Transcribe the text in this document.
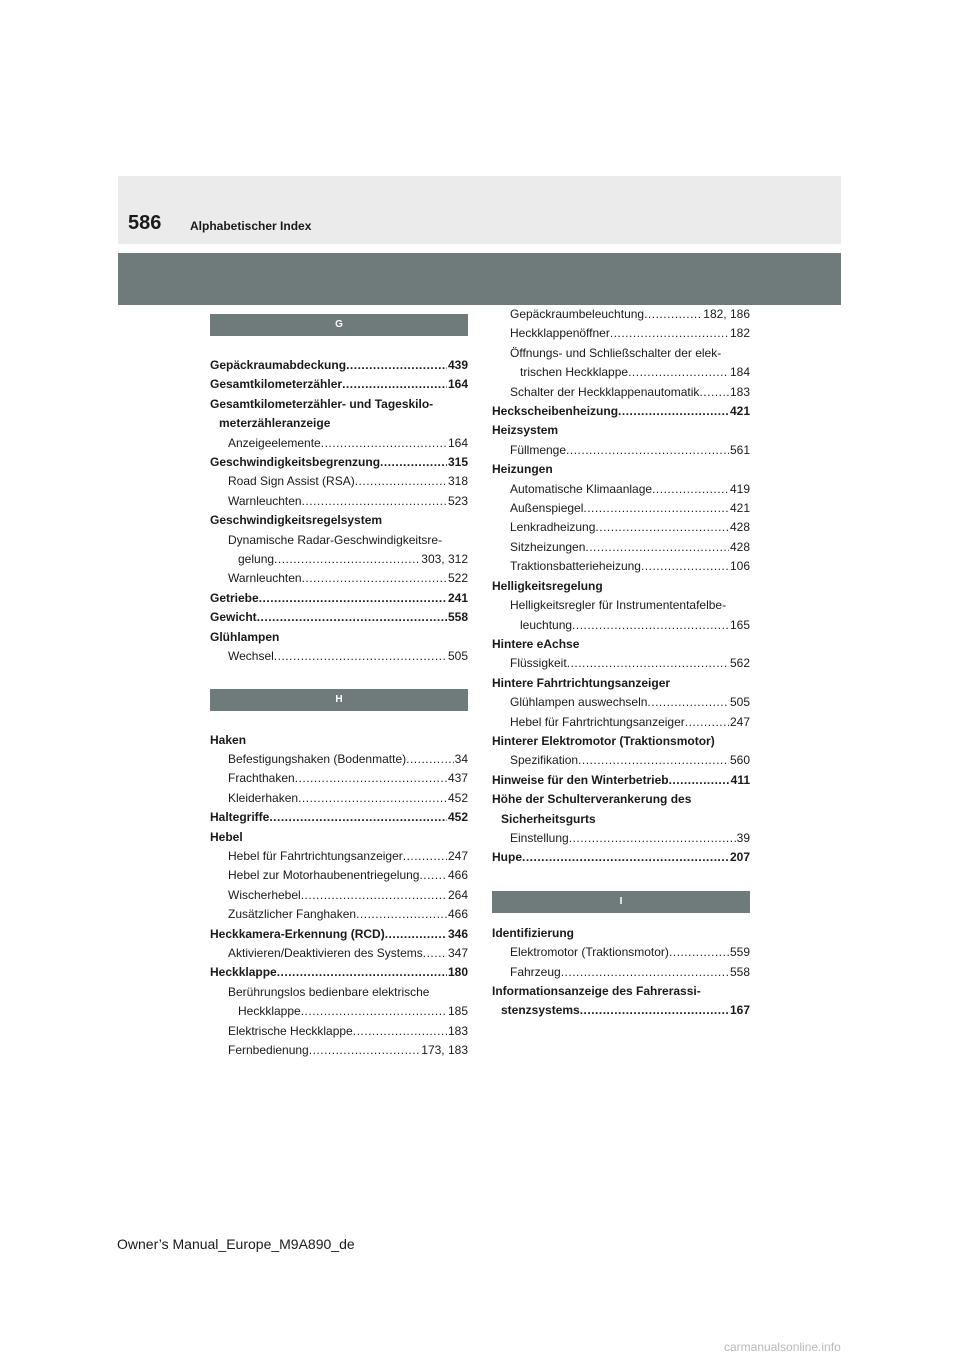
586 Alphabetischer Index
G
Gepäckraumabdeckung .....	439
Gesamtkilometerzähler .....	164
Gesamtkilometerzähler- und Tageskilo-
meterzähleranzeige
Anzeigeelemente .....	164
Geschwindigkeitsbegrenzung .....	315
Road Sign Assist (RSA) .....	318
Warnleuchten .....	523
Geschwindigkeitsregelsystem
Dynamische Radar-Geschwindigkeitsre-
gelung .....	303, 312
Warnleuchten .....	522
Getriebe .....	241
Gewicht .....	558
Glühlampen
Wechsel .....	505
H
Haken
Befestigungshaken (Bodenmatte) .....	34
Frachthaken .....	437
Kleiderhaken .....	452
Haltegriffe .....	452
Hebel
Hebel für Fahrtrichtungsanzeiger .....	247
Hebel zur Motorhaubenentriegelung ..... 466
Wischerhebel .....	264
Zusätzlicher Fanghaken .....	466
Heckkamera-Erkennung (RCD) .....	346
Aktivieren/Deaktivieren des Systems ..... 347
Heckklappe .....	180
Berührungslos bedienbare elektrische
Heckklappe .....	185
Elektrische Heckklappe .....	183
Fernbedienung .....	173, 183
Gepäckraumbeleuchtung .....	182, 186
Heckklappenöffner .....	182
Öffnungs- und Schließschalter der elek-
trischen Heckklappe .....	184
Schalter der Heckklappenautomatik .....	183
Heckscheibenheizung .....	421
Heizsystem
Füllmenge .....	561
Heizungen
Automatische Klimaanlage .....	419
Außenspiegel .....	421
Lenkradheizung .....	428
Sitzheizungen .....	428
Traktionsbatterieheizung .....	106
Helligkeitsregelung
Helligkeitsregler für Instrumententafelbe-
leuchtung .....	165
Hintere eAchse
Flüssigkeit .....	562
Hintere Fahrtrichtungsanzeiger
Glühlampen auswechseln .....	505
Hebel für Fahrtrichtungsanzeiger .....	247
Hinterer Elektromotor (Traktionsmotor)
Spezifikation .....	560
Hinweise für den Winterbetrieb .....	411
Höhe der Schulterverankerung des
Sicherheitsgurts
Einstellung .....	39
Hupe .....	207
I
Identifizierung
Elektromotor (Traktionsmotor) .....	559
Fahrzeug .....	558
Informationsanzeige des Fahrerassi-
stenzsystems .....	167
Owner’s Manual_Europe_M9A890_de
carmanualsonline.info
